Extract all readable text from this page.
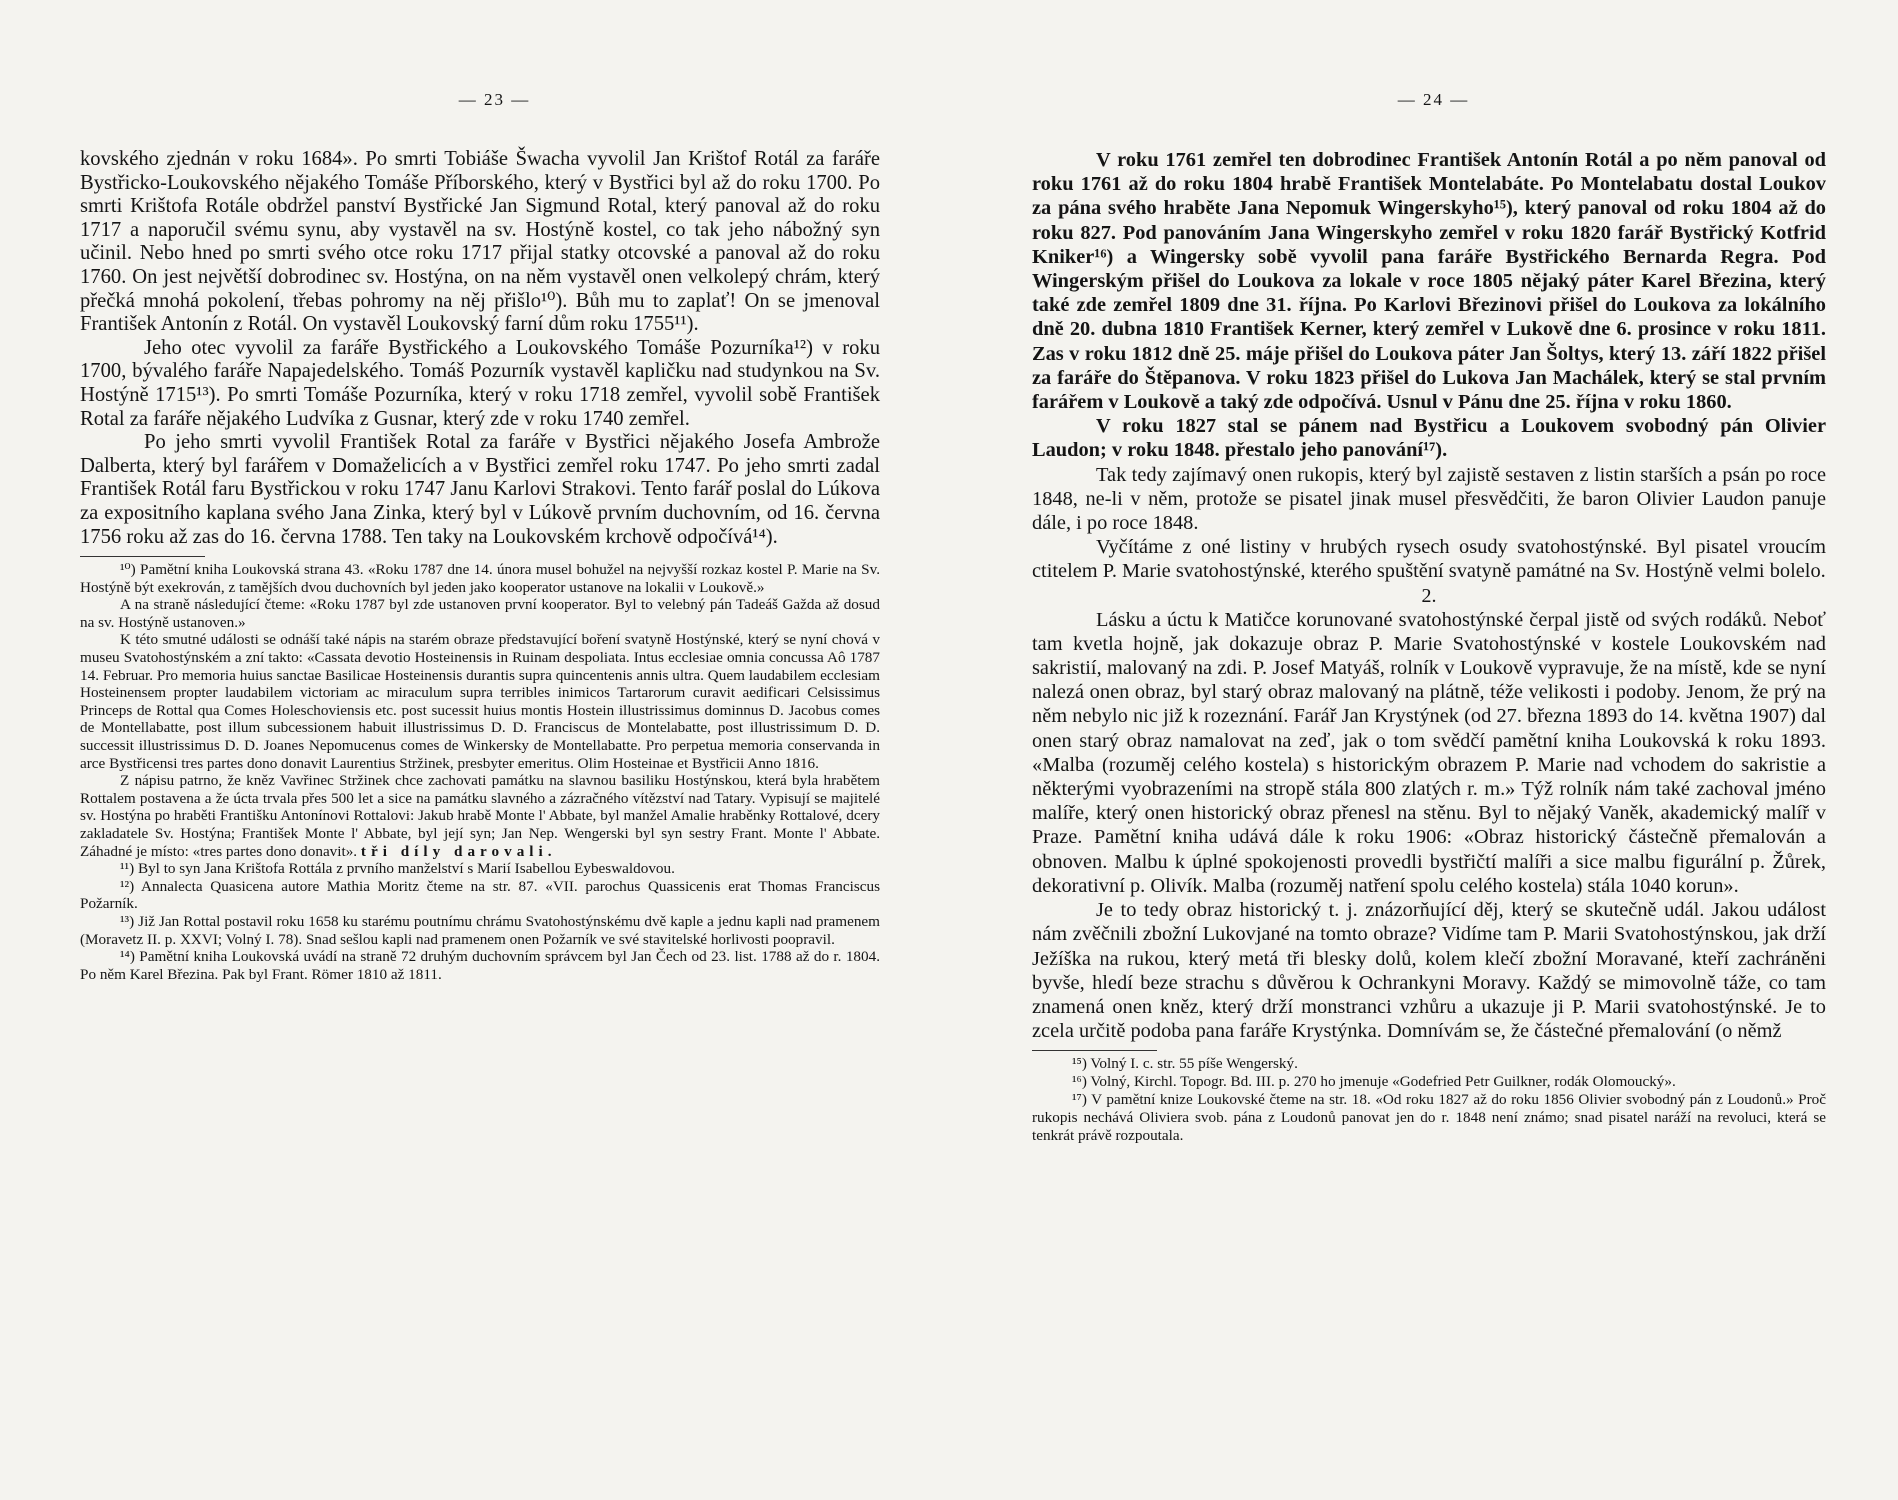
— 23 —

kovského zjednán v roku 1684». Po smrti Tobiáše Šwacha vyvolil Jan Krištof Rotál za faráře Bystřicko-Loukovského nějakého Tomáše Příborského, který v Bystřici byl až do roku 1700. Po smrti Krištofa Rotále obdržel panství Bystřické Jan Sigmund Rotal, který panoval až do roku 1717 a naporučil svému synu, aby vystavěl na sv. Hostýně kostel, co tak jeho nábožný syn učinil. Nebo hned po smrti svého otce roku 1717 přijal statky otcovské a panoval až do roku 1760. On jest největší dobrodinec sv. Hostýna, on na něm vystavěl onen velkolepý chrám, který přečká mnohá pokolení, třebas pohromy na něj přišlo¹⁰). Bůh mu to zaplať! On se jmenoval František Antonín z Rotál. On vystavěl Loukovský farní dům roku 1755¹¹).

Jeho otec vyvolil za faráře Bystřického a Loukovského Tomáše Pozurníka¹²) v roku 1700, bývalého faráře Napajedelského. Tomáš Pozurník vystavěl kapličku nad studynkou na Sv. Hostýně 1715¹³). Po smrti Tomáše Pozurníka, který v roku 1718 zemřel, vyvolil sobě František Rotal za faráře nějakého Ludvíka z Gusnar, který zde v roku 1740 zemřel.

Po jeho smrti vyvolil František Rotal za faráře v Bystřici nějakého Josefa Ambrože Dalberta, který byl farářem v Domaželicích a v Bystřici zemřel roku 1747. Po jeho smrti zadal František Rotál faru Bystřickou v roku 1747 Janu Karlovi Strakovi. Tento farář poslal do Lúkova za expositního kaplana svého Jana Zinka, který byl v Lúkově prvním duchovním, od 16. června 1756 roku až zas do 16. června 1788. Ten taky na Loukovském krchově odpočívá¹⁴).

¹⁰) Pamětní kniha Loukovská strana 43. «Roku 1787 dne 14. února musel bohužel na nejvyšší rozkaz kostel P. Marie na Sv. Hostýně být exekrován, z tamějších dvou duchovních byl jeden jako kooperator ustanove na lokalii v Loukově.»

A na straně následující čteme: «Roku 1787 byl zde ustanoven první kooperator. Byl to velebný pán Tadeáš Gažda až dosud na sv. Hostýně ustanoven.»

K této smutné události se odnáší také nápis na starém obraze představující boření svatyně Hostýnské, který se nyní chová v museu Svatohostýnském a zní takto: «Cassata devotio Hosteinensis in Ruinam despoliata. Intus ecclesiae omnia concussa Aô 1787 14. Februar. Pro memoria huius sanctae Basilicae Hosteinensis durantis supra quincentenis annis ultra. Quem laudabilem ecclesiam Hosteinensem propter laudabilem victoriam ac miraculum supra terribles inimicos Tartarorum curavit aedificari Celsissimus Princeps de Rottal qua Comes Holeschoviensis etc. post sucessit huius montis Hostein illustrissimus dominnus D. Jacobus comes de Montellabatte, post illum subcessionem habuit illustrissimus D. D. Franciscus de Montelabatte, post illustrissimum D. D. successit illustrissimus D. D. Joanes Nepomucenus comes de Winkersky de Montellabatte. Pro perpetua memoria conservanda in arce Bystřicensi tres partes dono donavit Laurentius Stržinek, presbyter emeritus. Olim Hosteinae et Bystřicii Anno 1816.

Z nápisu patrno, že kněz Vavřinec Stržinek chce zachovati památku na slavnou basiliku Hostýnskou, která byla hrabětem Rottalem postavena a že úcta trvala přes 500 let a sice na památku slavného a zázračného vítězství nad Tatary. Vypisují se majitelé sv. Hostýna po hraběti Františku Antonínovi Rottalovi: Jakub hrabě Monte l' Abbate, byl manžel Amalie hraběnky Rottalové, dcery zakladatele Sv. Hostýna; František Monte l' Abbate, byl její syn; Jan Nep. Wengerski byl syn sestry Frant. Monte l' Abbate. Záhadné je místo: «tres partes dono donavit». tři díly darovali.

¹¹) Byl to syn Jana Krištofa Rottála z prvního manželství s Marií Isabellou Eybeswaldovou.

¹²) Annalecta Quasicena autore Mathia Moritz čteme na str. 87. «VII. parochus Quassicenis erat Thomas Franciscus Požarník.

¹³) Již Jan Rottal postavil roku 1658 ku starému poutnímu chrámu Svatohostýnskému dvě kaple a jednu kapli nad pramenem (Moravetz II. p. XXVI; Volný I. 78). Snad sešlou kapli nad pramenem onen Požarník ve své stavitelské horlivosti poopravil.

¹⁴) Pamětní kniha Loukovská uvádí na straně 72 druhým duchovním správcem byl Jan Čech od 23. list. 1788 až do r. 1804. Po něm Karel Březina. Pak byl Frant. Römer 1810 až 1811.

— 24 —

V roku 1761 zemřel ten dobrodinec František Antonín Rotál a po něm panoval od roku 1761 až do roku 1804 hrabě František Montelabáte. Po Montelabatu dostal Loukov za pána svého hraběte Jana Nepomuk Wingerskyho¹⁵), který panoval od roku 1804 až do roku 827. Pod panováním Jana Wingerskyho zemřel v roku 1820 farář Bystřický Kotfrid Kniker¹⁶) a Wingersky sobě vyvolil pana faráře Bystřického Bernarda Regra. Pod Wingerským přišel do Loukova za lokale v roce 1805 nějaký páter Karel Březina, který také zde zemřel 1809 dne 31. října. Po Karlovi Březinovi přišel do Loukova za lokálního dně 20. dubna 1810 František Kerner, který zemřel v Lukově dne 6. prosince v roku 1811. Zas v roku 1812 dně 25. máje přišel do Loukova páter Jan Šoltys, který 13. září 1822 přišel za faráře do Štěpanova. V roku 1823 přišel do Lukova Jan Machálek, který se stal prvním farářem v Loukově a taký zde odpočívá. Usnul v Pánu dne 25. října v roku 1860.

V roku 1827 stal se pánem nad Bystřicu a Loukovem svobodný pán Olivier Laudon; v roku 1848. přestalo jeho panování¹⁷).

Tak tedy zajímavý onen rukopis, který byl zajistě sestaven z listin starších a psán po roce 1848, ne-li v něm, protože se pisatel jinak musel přesvědčiti, že baron Olivier Laudon panuje dále, i po roce 1848.

Vyčítáme z oné listiny v hrubých rysech osudy svatohostýnské. Byl pisatel vroucím ctitelem P. Marie svatohostýnské, kterého spuštění svatyně památné na Sv. Hostýně velmi bolelo.

2.

Lásku a úctu k Matičce korunované svatohostýnské čerpal jistě od svých rodáků. Neboť tam kvetla hojně, jak dokazuje obraz P. Marie Svatohostýnské v kostele Loukovském nad sakristií, malovaný na zdi. P. Josef Matyáš, rolník v Loukově vypravuje, že na místě, kde se nyní nalezá onen obraz, byl starý obraz malovaný na plátně, téže velikosti i podoby. Jenom, že prý na něm nebylo nic již k rozeznání. Farář Jan Krystýnek (od 27. března 1893 do 14. května 1907) dal onen starý obraz namalovat na zeď, jak o tom svědčí pamětní kniha Loukovská k roku 1893. «Malba (rozuměj celého kostela) s historickým obrazem P. Marie nad vchodem do sakristie a některými vyobrazeními na stropě stála 800 zlatých r. m.» Týž rolník nám také zachoval jméno malíře, který onen historický obraz přenesl na stěnu. Byl to nějaký Vaněk, akademický malíř v Praze. Pamětní kniha udává dále k roku 1906: «Obraz historický částečně přemalován a obnoven. Malbu k úplné spokojenosti provedli bystřičtí malíři a sice malbu figurální p. Žůrek, dekorativní p. Olivík. Malba (rozuměj natření spolu celého kostela) stála 1040 korun».

Je to tedy obraz historický t. j. znázorňující děj, který se skutečně udál. Jakou událost nám zvěčnili zbožní Lukovjané na tomto obraze? Vidíme tam P. Marii Svatohostýnskou, jak drží Ježíška na rukou, který metá tři blesky dolů, kolem klečí zbožní Moravané, kteří zachráněni byvše, hledí beze strachu s důvěrou k Ochrankyni Moravy. Každý se mimovolně táže, co tam znamená onen kněz, který drží monstranci vzhůru a ukazuje ji P. Marii svatohostýnské. Je to zcela určitě podoba pana faráře Krystýnka. Domnívám se, že částečné přemalování (o němž

¹⁵) Volný I. c. str. 55 píše Wengerský.

¹⁶) Volný, Kirchl. Topogr. Bd. III. p. 270 ho jmenuje «Godefried Petr Guilkner, rodák Olomoucký».

¹⁷) V pamětní knize Loukovské čteme na str. 18. «Od roku 1827 až do roku 1856 Olivier svobodný pán z Loudonů.» Proč rukopis nechává Oliviera svob. pána z Loudonů panovat jen do r. 1848 není známo; snad pisatel naráží na revoluci, která se tenkrát právě rozpoutala.
